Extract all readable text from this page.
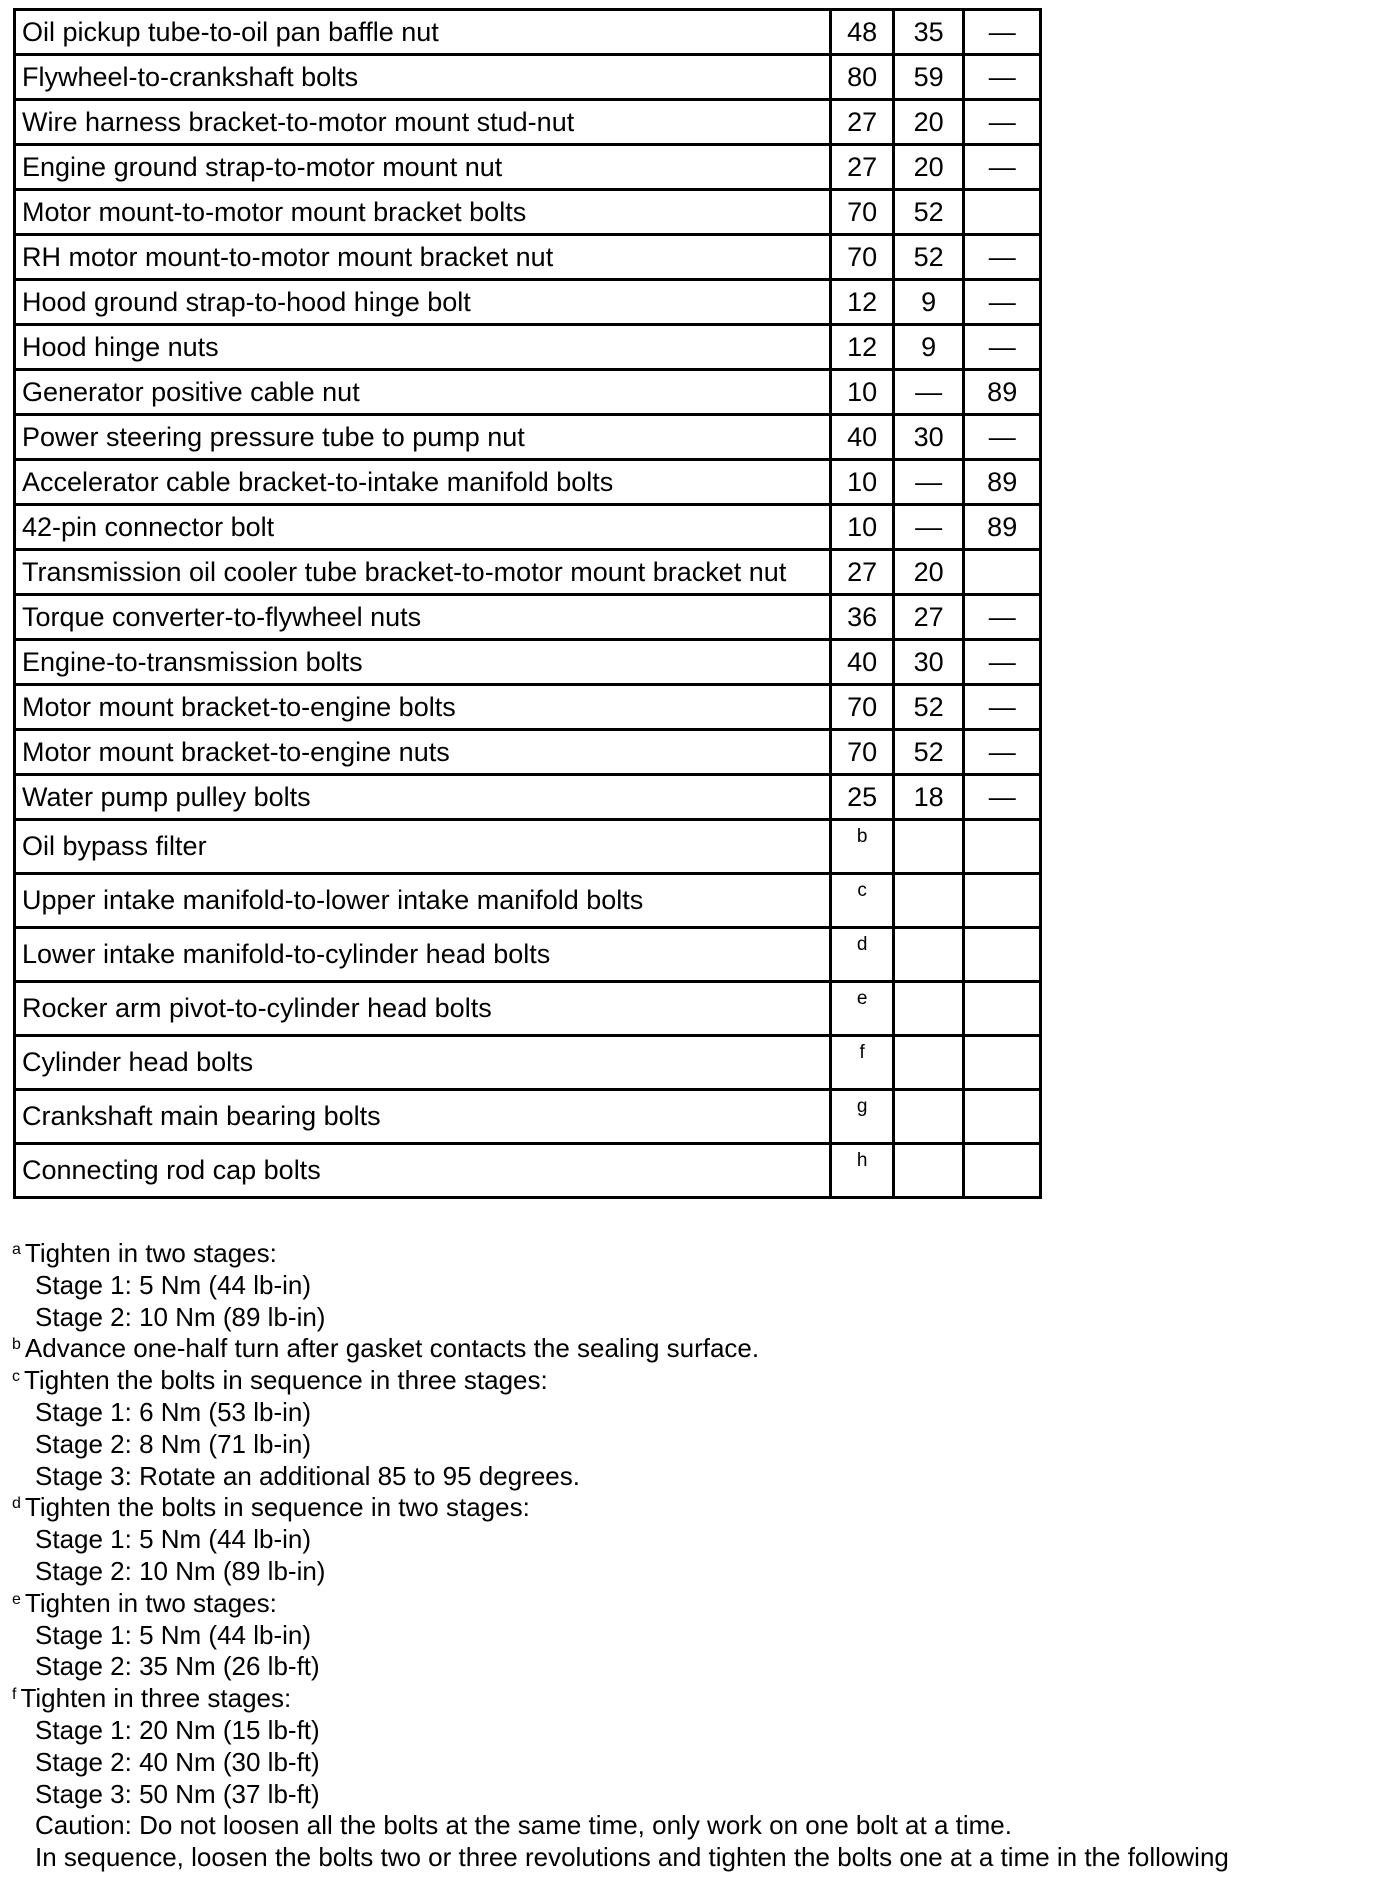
Oil pickup tube-to-oil pan baffle nut	48	35	—
Flywheel-to-crankshaft bolts	80	59	—
Wire harness bracket-to-motor mount stud-nut	27	20	—
Engine ground strap-to-motor mount nut	27	20	—
Motor mount-to-motor mount bracket bolts	70	52	
RH motor mount-to-motor mount bracket nut	70	52	—
Hood ground strap-to-hood hinge bolt	12	9	—
Hood hinge nuts	12	9	—
Generator positive cable nut	10	—	89
Power steering pressure tube to pump nut	40	30	—
Accelerator cable bracket-to-intake manifold bolts	10	—	89
42-pin connector bolt	10	—	89
Transmission oil cooler tube bracket-to-motor mount bracket nut	27	20	
Torque converter-to-flywheel nuts	36	27	—
Engine-to-transmission bolts	40	30	—
Motor mount bracket-to-engine bolts	70	52	—
Motor mount bracket-to-engine nuts	70	52	—
Water pump pulley bolts	25	18	—
Oil bypass filter	b		
Upper intake manifold-to-lower intake manifold bolts	c		
Lower intake manifold-to-cylinder head bolts	d		
Rocker arm pivot-to-cylinder head bolts	e		
Cylinder head bolts	f		
Crankshaft main bearing bolts	g		
Connecting rod cap bolts	h		
$^a$ Tighten in two stages:
Stage 1: 5 Nm (44 lb-in)
Stage 2: 10 Nm (89 lb-in)
$^b$ Advance one-half turn after gasket contacts the sealing surface.
$^c$ Tighten the bolts in sequence in three stages:
Stage 1: 6 Nm (53 lb-in)
Stage 2: 8 Nm (71 lb-in)
Stage 3: Rotate an additional 85 to 95 degrees.
$^d$ Tighten the bolts in sequence in two stages:
Stage 1: 5 Nm (44 lb-in)
Stage 2: 10 Nm (89 lb-in)
$^e$ Tighten in two stages:
Stage 1: 5 Nm (44 lb-in)
Stage 2: 35 Nm (26 lb-ft)
$^f$ Tighten in three stages:
Stage 1: 20 Nm (15 lb-ft)
Stage 2: 40 Nm (30 lb-ft)
Stage 3: 50 Nm (37 lb-ft)
Caution: Do not loosen all the bolts at the same time, only work on one bolt at a time.
In sequence, loosen the bolts two or three revolutions and tighten the bolts one at a time in the following
